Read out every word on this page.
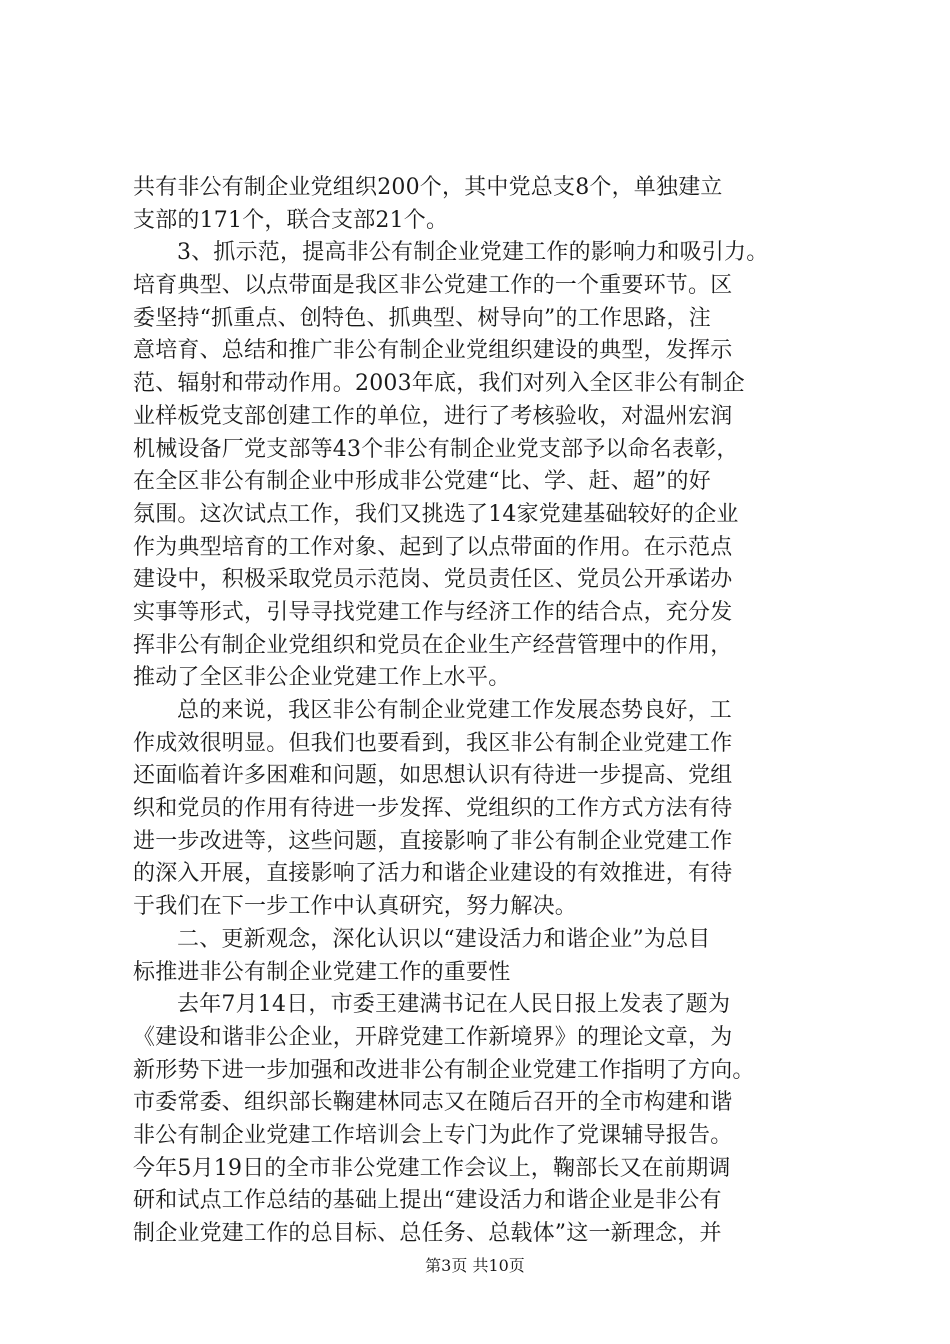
共有非公有制企业党组织200个，其中党总支8个，单独建立
支部的171个，联合支部21个。
3、抓示范，提高非公有制企业党建工作的影响力和吸引力。
培育典型、以点带面是我区非公党建工作的一个重要环节。区
委坚持“抓重点、创特色、抓典型、树导向”的工作思路，注
意培育、总结和推广非公有制企业党组织建设的典型，发挥示
范、辐射和带动作用。2003年底，我们对列入全区非公有制企
业样板党支部创建工作的单位，进行了考核验收，对温州宏润
机械设备厂党支部等43个非公有制企业党支部予以命名表彰，
在全区非公有制企业中形成非公党建“比、学、赶、超”的好
氛围。这次试点工作，我们又挑选了14家党建基础较好的企业
作为典型培育的工作对象、起到了以点带面的作用。在示范点
建设中，积极采取党员示范岗、党员责任区、党员公开承诺办
实事等形式，引导寻找党建工作与经济工作的结合点，充分发
挥非公有制企业党组织和党员在企业生产经营管理中的作用，
推动了全区非公企业党建工作上水平。
总的来说，我区非公有制企业党建工作发展态势良好，工
作成效很明显。但我们也要看到，我区非公有制企业党建工作
还面临着许多困难和问题，如思想认识有待进一步提高、党组
织和党员的作用有待进一步发挥、党组织的工作方式方法有待
进一步改进等，这些问题，直接影响了非公有制企业党建工作
的深入开展，直接影响了活力和谐企业建设的有效推进，有待
于我们在下一步工作中认真研究，努力解决。
二、更新观念，深化认识以“建设活力和谐企业”为总目
标推进非公有制企业党建工作的重要性
去年7月14日，市委王建满书记在人民日报上发表了题为
《建设和谐非公企业，开辟党建工作新境界》的理论文章，为
新形势下进一步加强和改进非公有制企业党建工作指明了方向。
市委常委、组织部长鞠建林同志又在随后召开的全市构建和谐
非公有制企业党建工作培训会上专门为此作了党课辅导报告。
今年5月19日的全市非公党建工作会议上，鞠部长又在前期调
研和试点工作总结的基础上提出“建设活力和谐企业是非公有
制企业党建工作的总目标、总任务、总载体”这一新理念，并
第3页 共10页
